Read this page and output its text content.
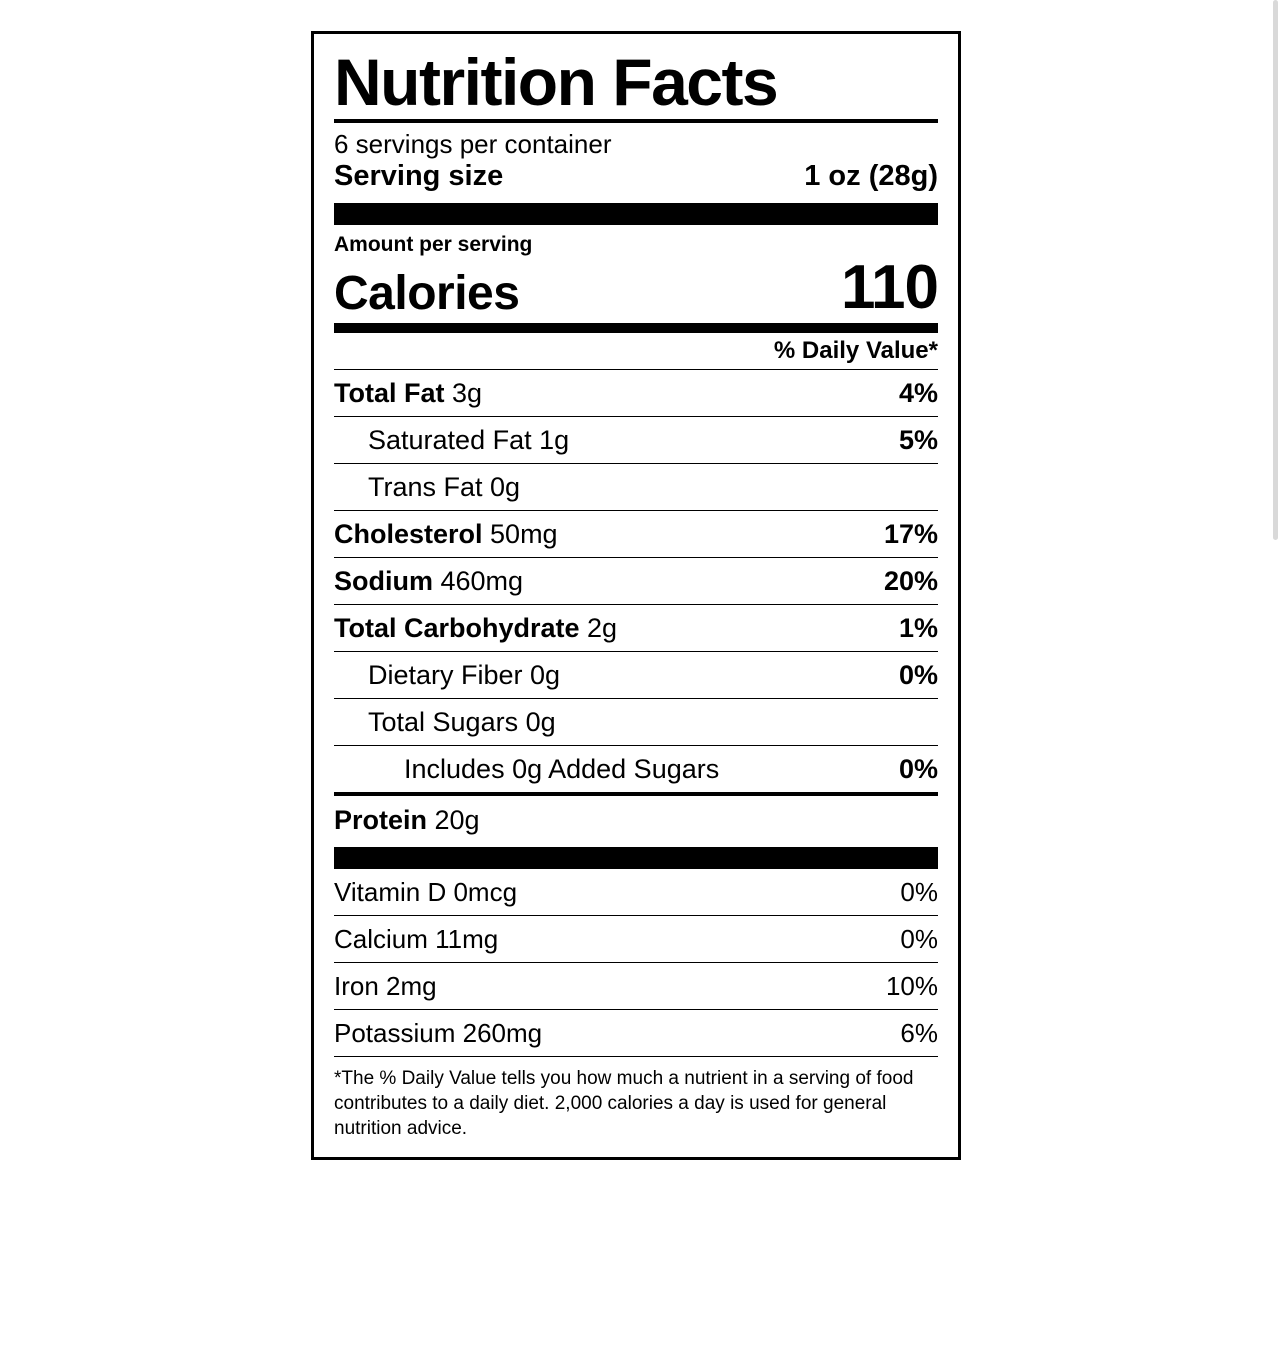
Nutrition Facts
6 servings per container
Serving size	1 oz (28g)
Amount per serving
Calories	110
% Daily Value*
Total Fat 3g	4%
Saturated Fat 1g	5%
Trans Fat 0g
Cholesterol 50mg	17%
Sodium 460mg	20%
Total Carbohydrate 2g	1%
Dietary Fiber 0g	0%
Total Sugars 0g
Includes 0g Added Sugars	0%
Protein 20g
Vitamin D 0mcg	0%
Calcium 11mg	0%
Iron 2mg	10%
Potassium 260mg	6%
*The % Daily Value tells you how much a nutrient in a serving of food contributes to a daily diet. 2,000 calories a day is used for general nutrition advice.
